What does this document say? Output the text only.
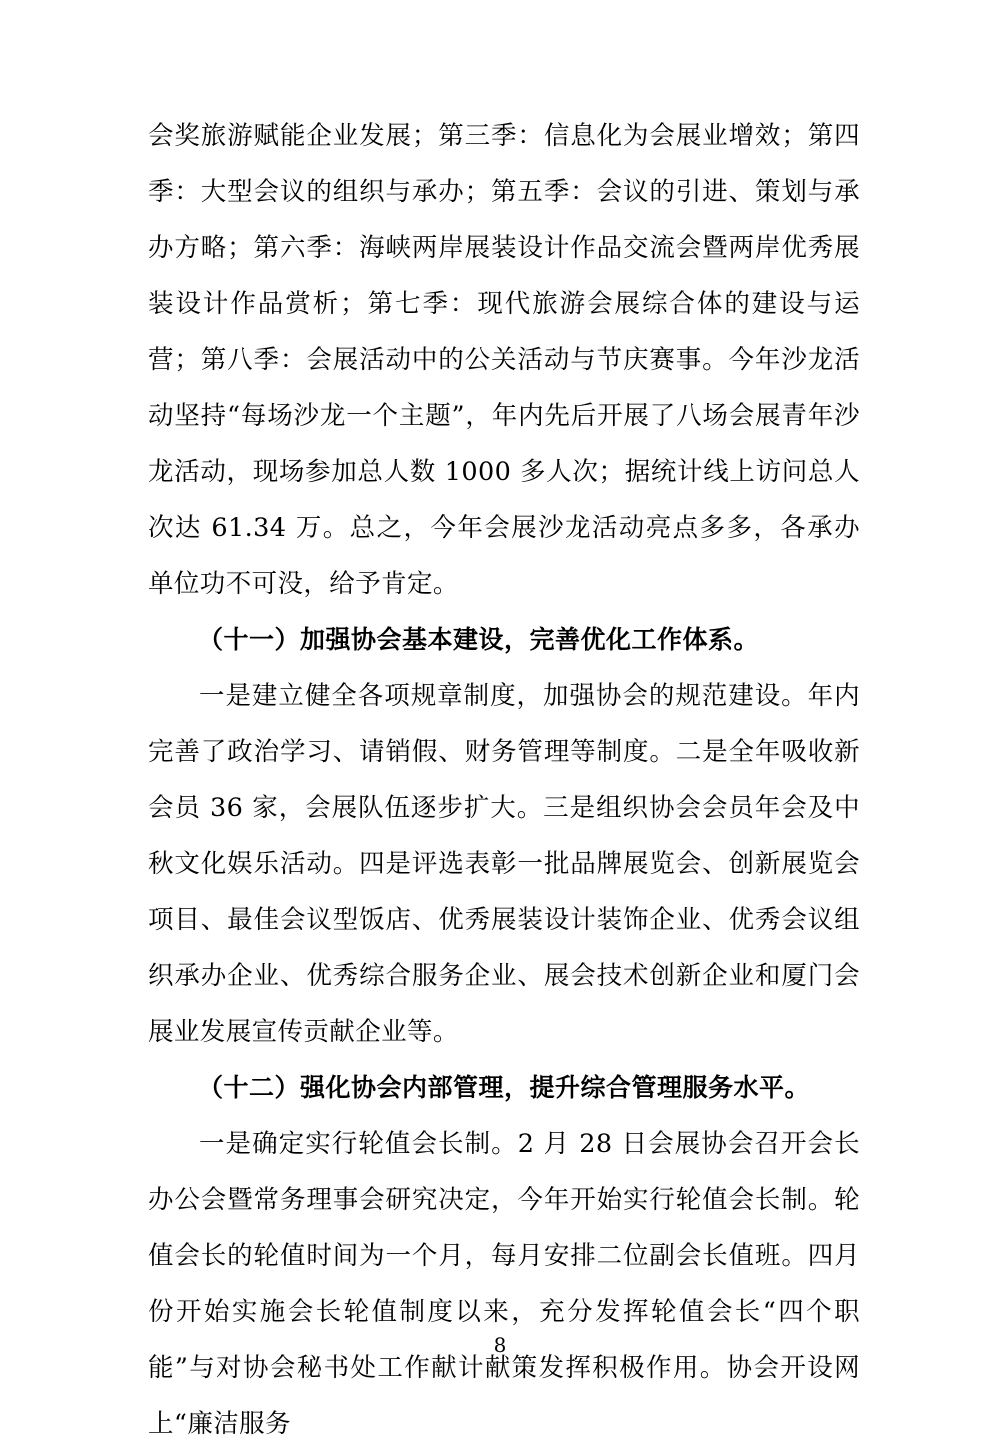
会奖旅游赋能企业发展；第三季：信息化为会展业增效；第四季：大型会议的组织与承办；第五季：会议的引进、策划与承办方略；第六季：海峡两岸展装设计作品交流会暨两岸优秀展装设计作品赏析；第七季：现代旅游会展综合体的建设与运营；第八季：会展活动中的公关活动与节庆赛事。今年沙龙活动坚持“每场沙龙一个主题”，年内先后开展了八场会展青年沙龙活动，现场参加总人数 1000 多人次；据统计线上访问总人次达 61.34 万。总之，今年会展沙龙活动亮点多多，各承办单位功不可没，给予肯定。

（十一）加强协会基本建设，完善优化工作体系。

一是建立健全各项规章制度，加强协会的规范建设。年内完善了政治学习、请销假、财务管理等制度。二是全年吸收新会员 36 家，会展队伍逐步扩大。三是组织协会会员年会及中秋文化娱乐活动。四是评选表彰一批品牌展览会、创新展览会项目、最佳会议型饭店、优秀展装设计装饰企业、优秀会议组织承办企业、优秀综合服务企业、展会技术创新企业和厦门会展业发展宣传贡献企业等。

（十二）强化协会内部管理，提升综合管理服务水平。

一是确定实行轮值会长制。2 月 28 日会展协会召开会长办公会暨常务理事会研究决定，今年开始实行轮值会长制。轮值会长的轮值时间为一个月，每月安排二位副会长值班。四月份开始实施会长轮值制度以来，充分发挥轮值会长“四个职能”与对协会秘书处工作献计献策发挥积极作用。协会开设网上“廉洁服务

8
